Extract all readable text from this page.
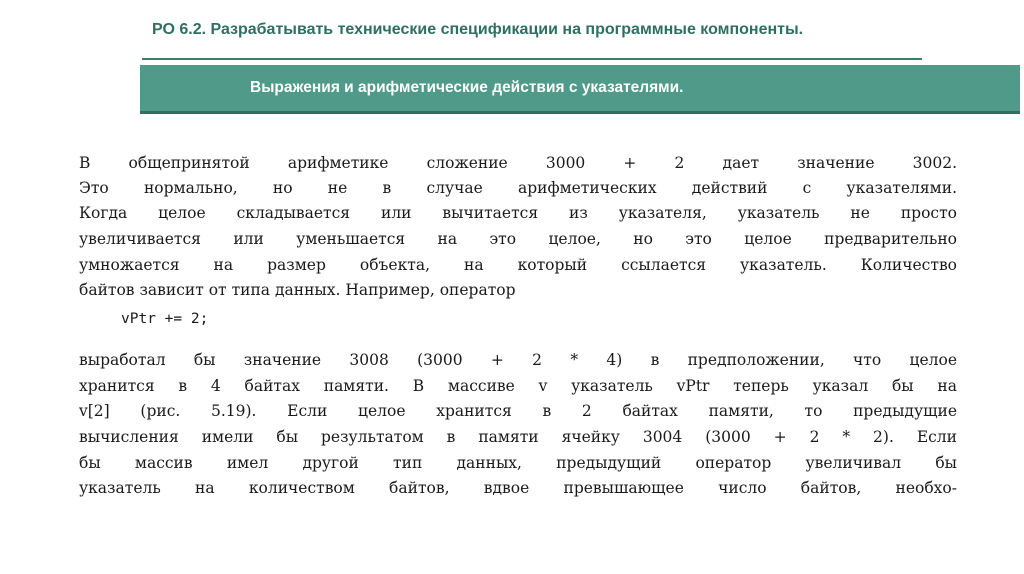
РО 6.2. Разрабатывать технические спецификации на программные компоненты.
Выражения и арифметические действия с указателями.
В общепринятой арифметике сложение 3000 + 2 дает значение 3002.
Это нормально, но не в случае арифметических действий с указателями.
Когда целое складывается или вычитается из указателя, указатель не просто
увеличивается или уменьшается на это целое, но это целое предварительно
умножается на размер объекта, на который ссылается указатель. Количество
байтов зависит от типа данных. Например, оператор
vPtr += 2;
выработал бы значение 3008 (3000 + 2 * 4) в предположении, что целое
хранится в 4 байтах памяти. В массиве v указатель vPtr теперь указал бы на
v[2] (рис. 5.19). Если целое хранится в 2 байтах памяти, то предыдущие
вычисления имели бы результатом в памяти ячейку 3004 (3000 + 2 * 2). Если
бы массив имел другой тип данных, предыдущий оператор увеличивал бы
указатель на количеством байтов, вдвое превышающее число байтов, необхо-
